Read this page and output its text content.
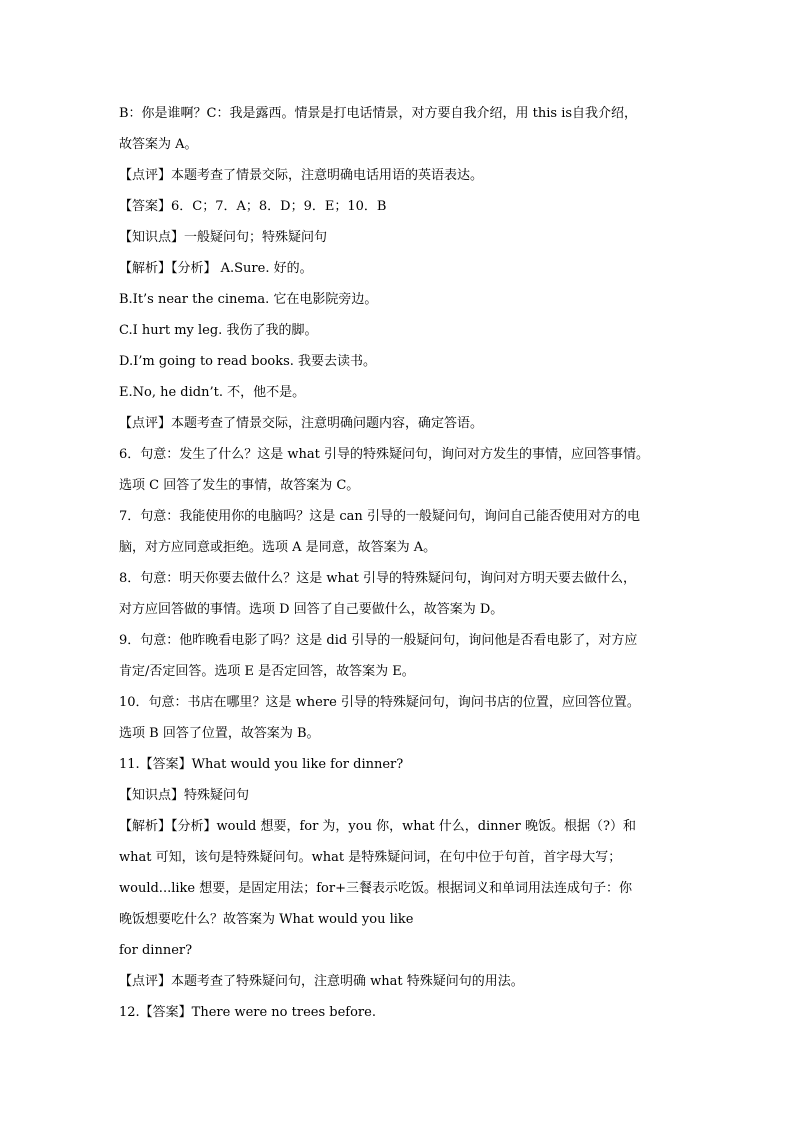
B：你是谁啊？C：我是露西。情景是打电话情景，对方要自我介绍，用 this is自我介绍，
故答案为 A。
【点评】本题考查了情景交际，注意明确电话用语的英语表达。
【答案】6．C；7．A；8．D；9．E；10．B
【知识点】一般疑问句；特殊疑问句
【解析】【分析】 A.Sure. 好的。
B.It’s near the cinema. 它在电影院旁边。
C.I hurt my leg. 我伤了我的脚。
D.I’m going to read books. 我要去读书。
E.No, he didn’t. 不，他不是。
【点评】本题考查了情景交际，注意明确问题内容，确定答语。
6．句意：发生了什么？这是 what 引导的特殊疑问句，询问对方发生的事情，应回答事情。
选项 C 回答了发生的事情，故答案为 C。
7．句意：我能使用你的电脑吗？这是 can 引导的一般疑问句，询问自己能否使用对方的电
脑，对方应同意或拒绝。选项 A 是同意，故答案为 A。
8．句意：明天你要去做什么？这是 what 引导的特殊疑问句，询问对方明天要去做什么，
对方应回答做的事情。选项 D 回答了自己要做什么，故答案为 D。
9．句意：他昨晚看电影了吗？这是 did 引导的一般疑问句，询问他是否看电影了，对方应
肯定/否定回答。选项 E 是否定回答，故答案为 E。
10．句意：书店在哪里？这是 where 引导的特殊疑问句，询问书店的位置，应回答位置。
选项 B 回答了位置，故答案为 B。
11.【答案】What would you like for dinner?
【知识点】特殊疑问句
【解析】【分析】would 想要，for 为，you 你，what 什么，dinner 晚饭。根据（?）和
what 可知，该句是特殊疑问句。what 是特殊疑问词，在句中位于句首，首字母大写；
would...like 想要，是固定用法；for+三餐表示吃饭。根据词义和单词用法连成句子：你
晚饭想要吃什么？故答案为 What would you like
for dinner?
【点评】本题考查了特殊疑问句，注意明确 what 特殊疑问句的用法。
12.【答案】There were no trees before.
